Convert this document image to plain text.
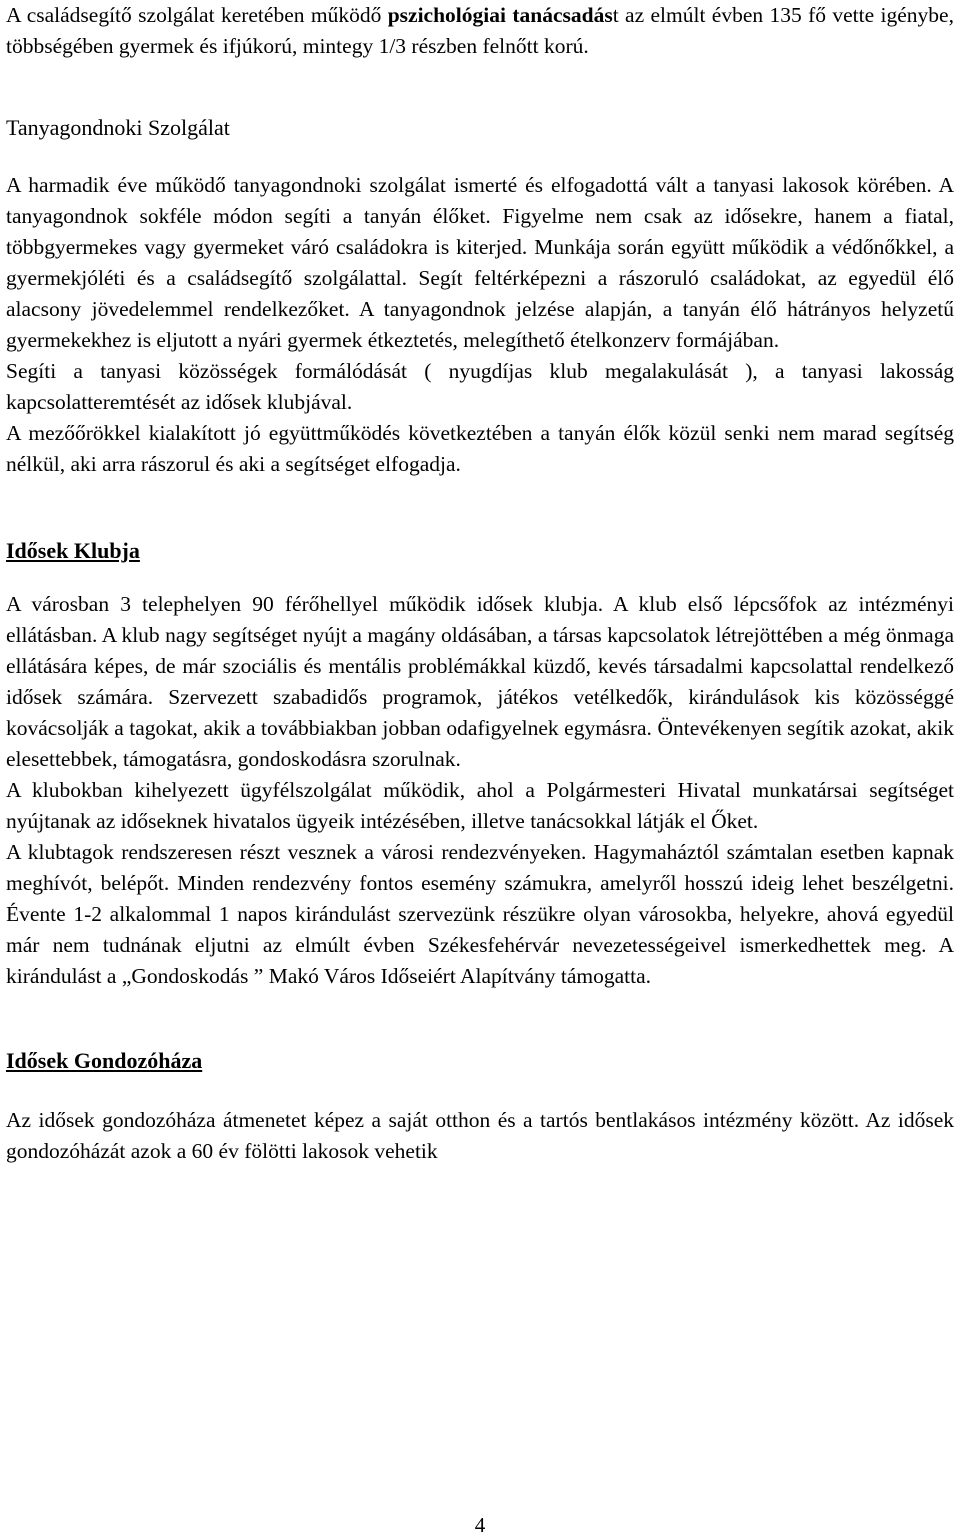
A családsegítő szolgálat keretében működő pszichológiai tanácsadást az elmúlt évben 135 fő vette igénybe, többségében gyermek és ifjúkorú, mintegy 1/3 részben felnőtt korú.

Tanyagondnoki Szolgálat

A harmadik éve működő tanyagondnoki szolgálat ismerté és elfogadottá vált a tanyasi lakosok körében. A tanyagondnok sokféle módon segíti a tanyán élőket. Figyelme nem csak az idősekre, hanem a fiatal, többgyermekes vagy gyermeket váró családokra is kiterjed. Munkája során együtt működik a védőnőkkel, a gyermekjóléti és a családsegítő szolgálattal. Segít feltérképezni a rászoruló családokat, az egyedül élő alacsony jövedelemmel rendelkezőket. A tanyagondnok jelzése alapján, a tanyán élő hátrányos helyzetű gyermekekhez is eljutott a nyári gyermek étkeztetés, melegíthető ételkonzerv formájában.

Segíti a tanyasi közösségek formálódását ( nyugdíjas klub megalakulását ), a tanyasi lakosság kapcsolatteremtését az idősek klubjával.

A mezőőrökkel kialakított jó együttműködés következtében a tanyán élők közül senki nem marad segítség nélkül, aki arra rászorul és aki a segítséget elfogadja.

Idősek Klubja

A városban 3 telephelyen 90 férőhellyel működik idősek klubja. A klub első lépcsőfok az intézményi ellátásban. A klub nagy segítséget nyújt a magány oldásában, a társas kapcsolatok létrejöttében a még önmaga ellátására képes, de már szociális és mentális problémákkal küzdő, kevés társadalmi kapcsolattal rendelkező idősek számára. Szervezett szabadidős programok, játékos vetélkedők, kirándulások kis közösséggé kovácsolják a tagokat, akik a továbbiakban jobban odafigyelnek egymásra. Öntevékenyen segítik azokat, akik elesettebbek, támogatásra, gondoskodásra szorulnak.

A klubokban kihelyezett ügyfélszolgálat működik, ahol a Polgármesteri Hivatal munkatársai segítséget nyújtanak az időseknek hivatalos ügyeik intézésében, illetve tanácsokkal látják el Őket.

A klubtagok rendszeresen részt vesznek a városi rendezvényeken. Hagymaháztól számtalan esetben kapnak meghívót, belépőt. Minden rendezvény fontos esemény számukra, amelyről hosszú ideig lehet beszélgetni. Évente 1-2 alkalommal 1 napos kirándulást szervezünk részükre olyan városokba, helyekre, ahová egyedül már nem tudnának eljutni az elmúlt évben Székesfehérvár nevezetességeivel ismerkedhettek meg. A kirándulást a „Gondoskodás ” Makó Város Időseiért Alapítvány támogatta.

Idősek Gondozóháza

Az idősek gondozóháza átmenetet képez a saját otthon és a tartós bentlakásos intézmény között. Az idősek gondozóházát azok a 60 év fölötti lakosok vehetik

4
